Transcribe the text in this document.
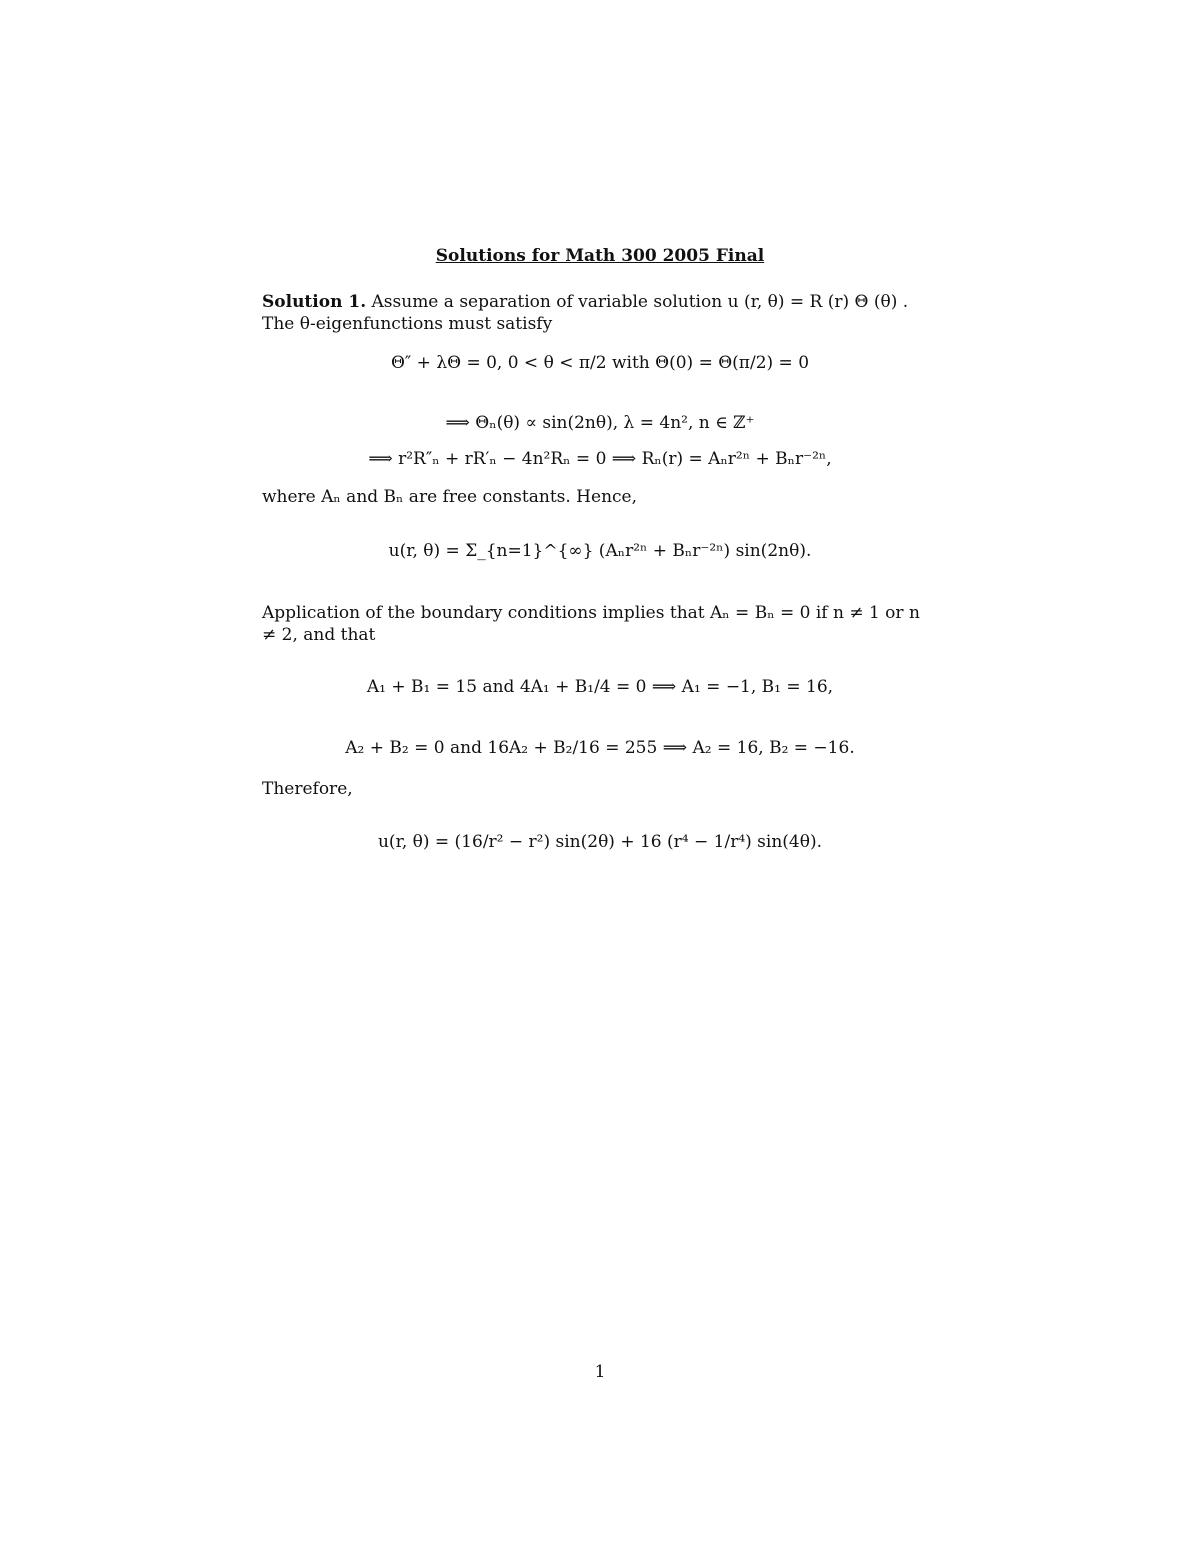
Solutions for Math 300 2005 Final
Solution 1. Assume a separation of variable solution u (r, θ) = R (r) Θ (θ) . The θ-eigenfunctions must satisfy
Θ″ + λΘ = 0, 0 < θ < π/2 with Θ(0) = Θ(π/2) = 0
⟹ Θₙ(θ) ∝ sin(2nθ), λ = 4n², n ∈ ℤ⁺
⟹ r²R″ₙ + rR′ₙ − 4n²Rₙ = 0 ⟹ Rₙ(r) = Aₙr²ⁿ + Bₙr⁻²ⁿ,
where Aₙ and Bₙ are free constants. Hence,
u(r, θ) = Σ_{n=1}^{∞} (Aₙr²ⁿ + Bₙr⁻²ⁿ) sin(2nθ).
Application of the boundary conditions implies that Aₙ = Bₙ = 0 if n ≠ 1 or n ≠ 2, and that
A₁ + B₁ = 15 and 4A₁ + B₁/4 = 0 ⟹ A₁ = −1, B₁ = 16,
A₂ + B₂ = 0 and 16A₂ + B₂/16 = 255 ⟹ A₂ = 16, B₂ = −16.
Therefore,
u(r, θ) = (16/r² − r²) sin(2θ) + 16 (r⁴ − 1/r⁴) sin(4θ).
1
